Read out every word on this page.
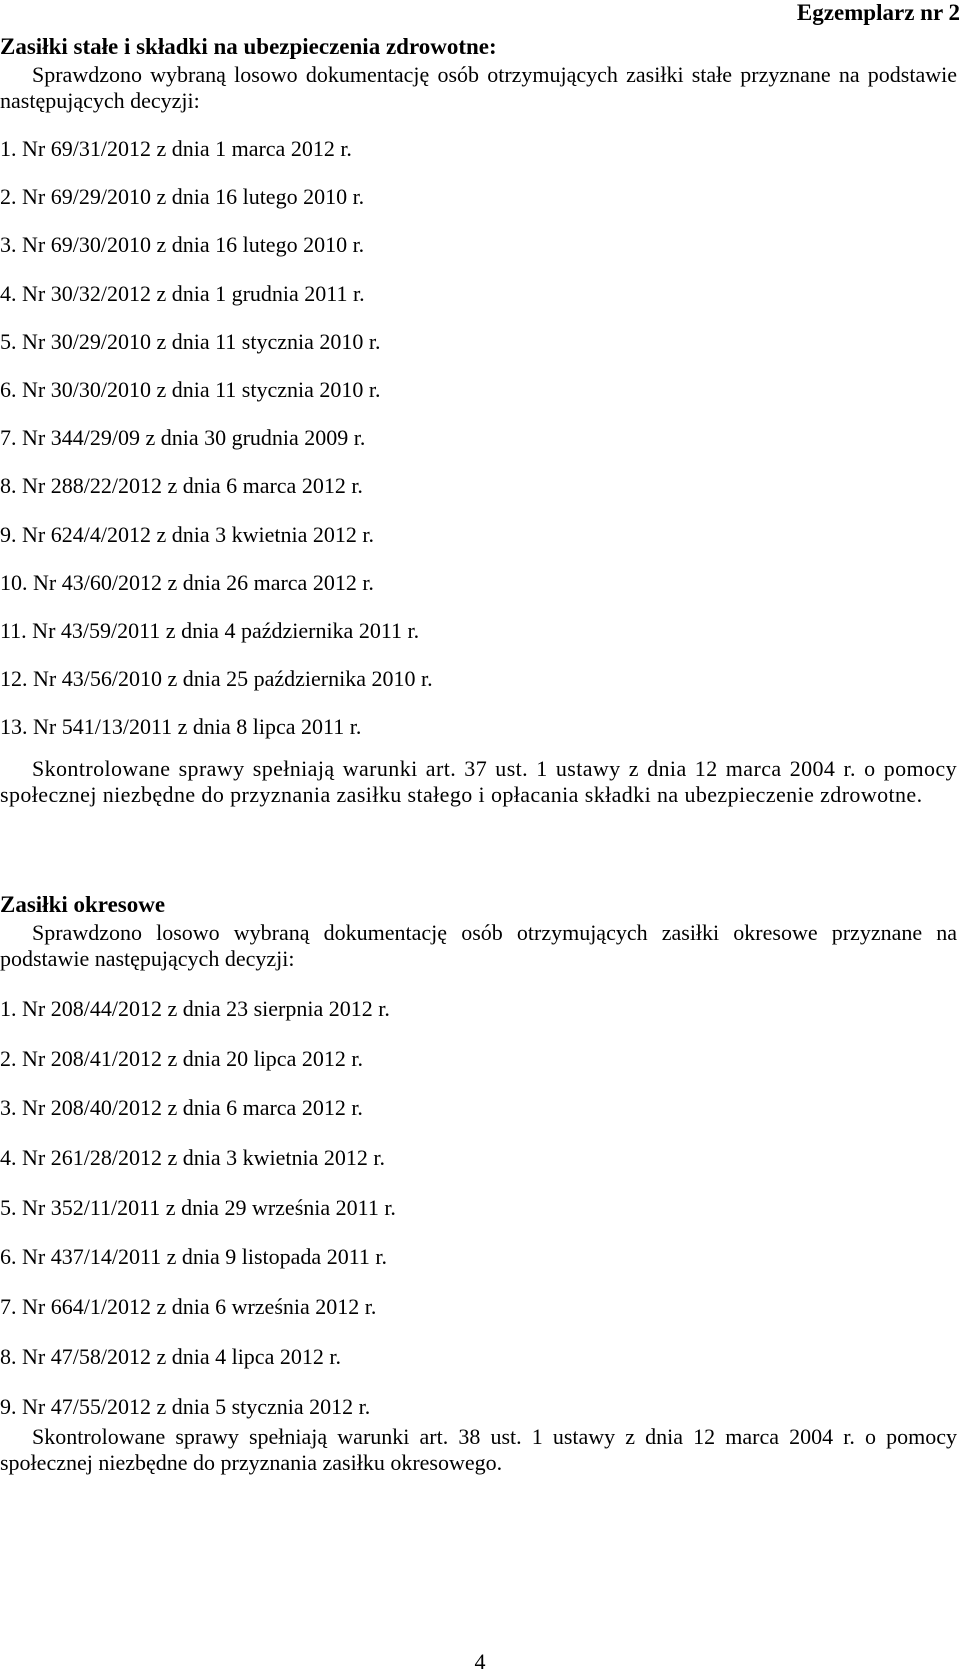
Egzemplarz nr 2
Zasiłki stałe i składki na ubezpieczenia zdrowotne:
Sprawdzono wybraną losowo dokumentację osób otrzymujących zasiłki stałe przyznane na podstawie następujących decyzji:
1. Nr 69/31/2012 z dnia 1 marca 2012 r.
2. Nr 69/29/2010 z dnia 16 lutego 2010 r.
3. Nr 69/30/2010 z dnia 16 lutego 2010 r.
4. Nr 30/32/2012 z dnia 1 grudnia 2011 r.
5. Nr 30/29/2010 z dnia 11 stycznia 2010 r.
6. Nr 30/30/2010 z dnia 11 stycznia 2010 r.
7. Nr 344/29/09 z dnia 30 grudnia 2009 r.
8. Nr 288/22/2012 z dnia 6 marca 2012 r.
9. Nr 624/4/2012 z dnia 3 kwietnia 2012 r.
10. Nr 43/60/2012 z dnia 26 marca 2012 r.
11. Nr 43/59/2011 z dnia 4 października 2011 r.
12. Nr 43/56/2010 z dnia 25 października 2010 r.
13. Nr 541/13/2011 z dnia 8 lipca 2011 r.
Skontrolowane sprawy spełniają warunki art. 37 ust. 1 ustawy z dnia 12 marca 2004 r. o pomocy społecznej niezbędne do przyznania zasiłku stałego i opłacania składki na ubezpieczenie zdrowotne.
Zasiłki okresowe
Sprawdzono losowo wybraną dokumentację osób otrzymujących zasiłki okresowe przyznane na podstawie następujących decyzji:
1. Nr 208/44/2012 z dnia 23 sierpnia 2012 r.
2. Nr 208/41/2012 z dnia 20 lipca 2012 r.
3. Nr 208/40/2012 z dnia 6 marca 2012 r.
4. Nr 261/28/2012 z dnia 3 kwietnia 2012 r.
5. Nr 352/11/2011 z dnia 29 września 2011 r.
6. Nr 437/14/2011 z dnia 9 listopada 2011 r.
7. Nr 664/1/2012 z dnia 6 września 2012 r.
8. Nr 47/58/2012 z dnia 4 lipca 2012 r.
9. Nr 47/55/2012 z dnia 5 stycznia 2012 r.
Skontrolowane sprawy spełniają warunki art. 38 ust. 1 ustawy z dnia 12 marca 2004 r. o pomocy społecznej niezbędne do przyznania zasiłku okresowego.
4
